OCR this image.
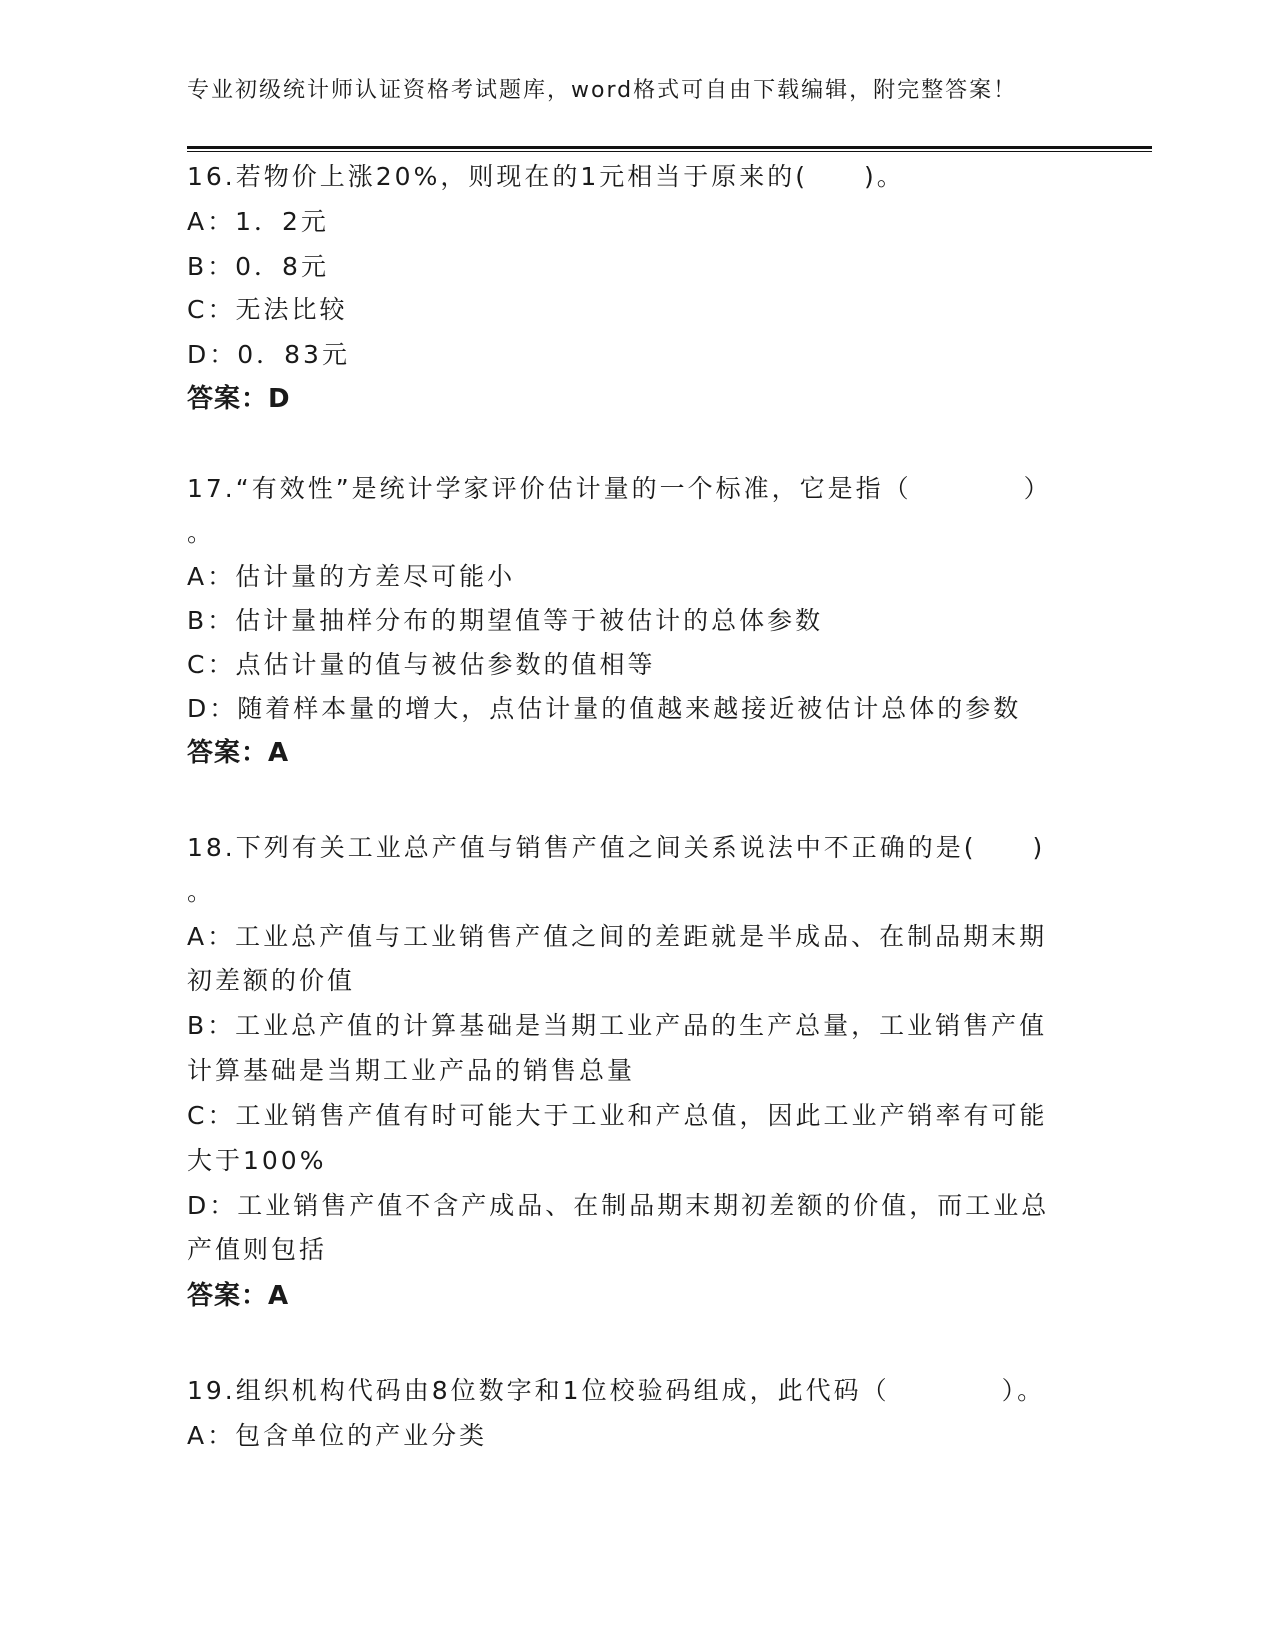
专业初级统计师认证资格考试题库，word格式可自由下载编辑，附完整答案！
16.若物价上涨20%，则现在的1元相当于原来的(　　)。
A：1．2元
B：0．8元
C：无法比较
D：0．83元
答案：D
17.“有效性”是统计学家评价估计量的一个标准，它是指（　　　　）
。
A：估计量的方差尽可能小
B：估计量抽样分布的期望值等于被估计的总体参数
C：点估计量的值与被估参数的值相等
D：随着样本量的增大，点估计量的值越来越接近被估计总体的参数
答案：A
18.下列有关工业总产值与销售产值之间关系说法中不正确的是(　　)
。
A：工业总产值与工业销售产值之间的差距就是半成品、在制品期末期
初差额的价值
B：工业总产值的计算基础是当期工业产品的生产总量，工业销售产值
计算基础是当期工业产品的销售总量
C：工业销售产值有时可能大于工业和产总值，因此工业产销率有可能
大于100%
D：工业销售产值不含产成品、在制品期末期初差额的价值，而工业总
产值则包括
答案：A
19.组织机构代码由8位数字和1位校验码组成，此代码（　　　　）。
A：包含单位的产业分类
